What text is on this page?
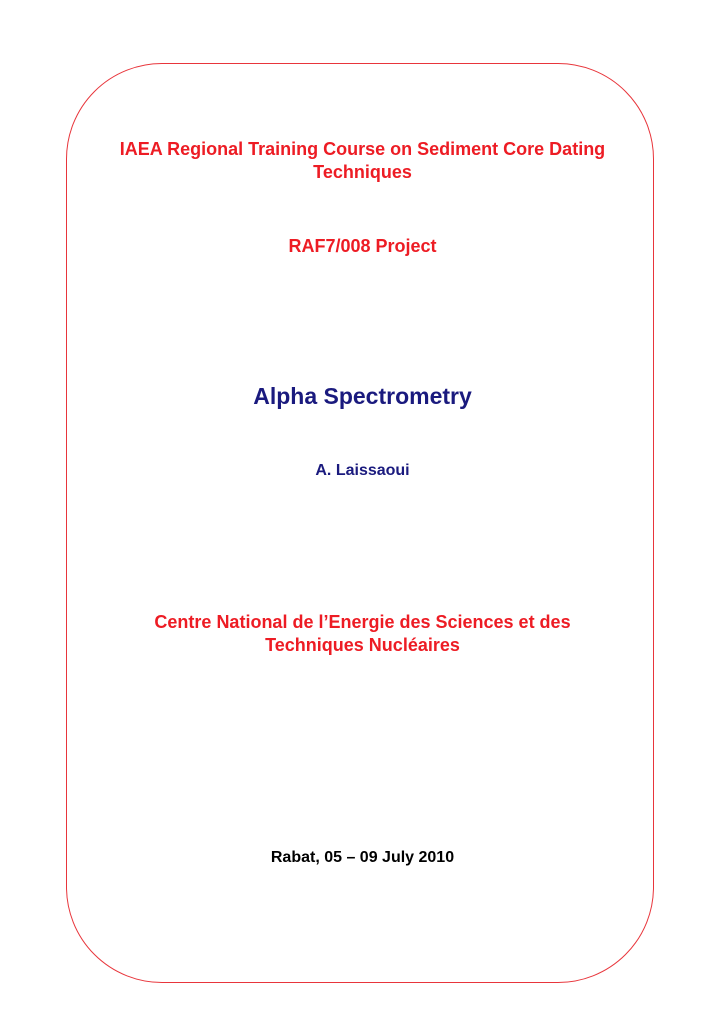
IAEA Regional Training Course on Sediment Core Dating
Techniques
RAF7/008 Project
Alpha Spectrometry
A. Laissaoui
Centre National de l’Energie des Sciences et des
Techniques Nucléaires
Rabat, 05 – 09 July 2010
